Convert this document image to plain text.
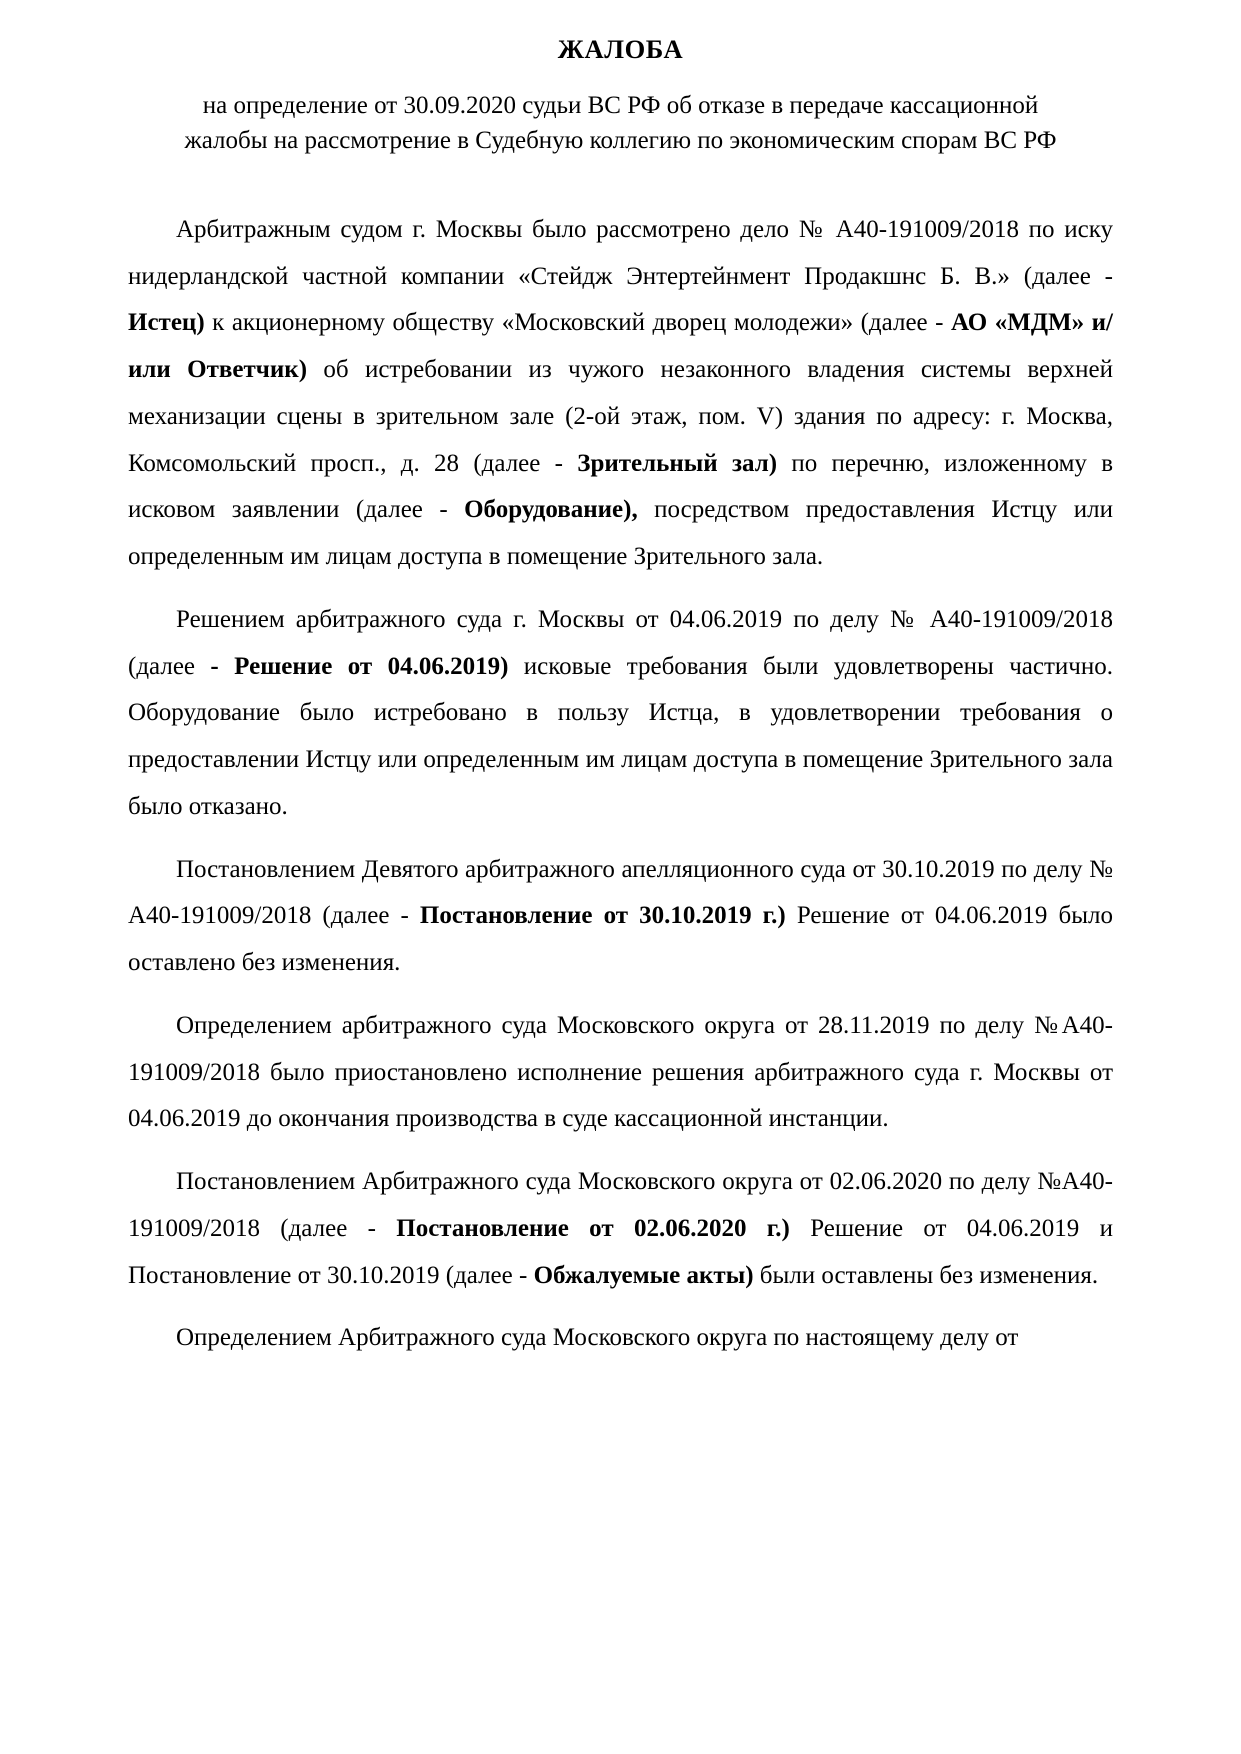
ЖАЛОБА
на определение от 30.09.2020 судьи ВС РФ об отказе в передаче кассационной
жалобы на рассмотрение в Судебную коллегию по экономическим спорам ВС РФ

Арбитражным судом г. Москвы было рассмотрено дело № А40-191009/2018 по иску нидерландской частной компании «Стейдж Энтертейнмент Продакшнс Б. В.» (далее - Истец) к акционерному обществу «Московский дворец молодежи» (далее - АО «МДМ» и/или Ответчик) об истребовании из чужого незаконного владения системы верхней механизации сцены в зрительном зале (2-ой этаж, пом. V) здания по адресу: г. Москва, Комсомольский просп., д. 28 (далее - Зрительный зал) по перечню, изложенному в исковом заявлении (далее - Оборудование), посредством предоставления Истцу или определенным им лицам доступа в помещение Зрительного зала.

Решением арбитражного суда г. Москвы от 04.06.2019 по делу № А40-191009/2018 (далее - Решение от 04.06.2019) исковые требования были удовлетворены частично. Оборудование было истребовано в пользу Истца, в удовлетворении требования о предоставлении Истцу или определенным им лицам доступа в помещение Зрительного зала было отказано.

Постановлением Девятого арбитражного апелляционного суда от 30.10.2019 по делу № А40-191009/2018 (далее - Постановление от 30.10.2019 г.) Решение от 04.06.2019 было оставлено без изменения.

Определением арбитражного суда Московского округа от 28.11.2019 по делу №А40-191009/2018 было приостановлено исполнение решения арбитражного суда г. Москвы от 04.06.2019 до окончания производства в суде кассационной инстанции.

Постановлением Арбитражного суда Московского округа от 02.06.2020 по делу №А40-191009/2018 (далее - Постановление от 02.06.2020 г.) Решение от 04.06.2019 и Постановление от 30.10.2019 (далее - Обжалуемые акты) были оставлены без изменения.

Определением Арбитражного суда Московского округа по настоящему делу от
